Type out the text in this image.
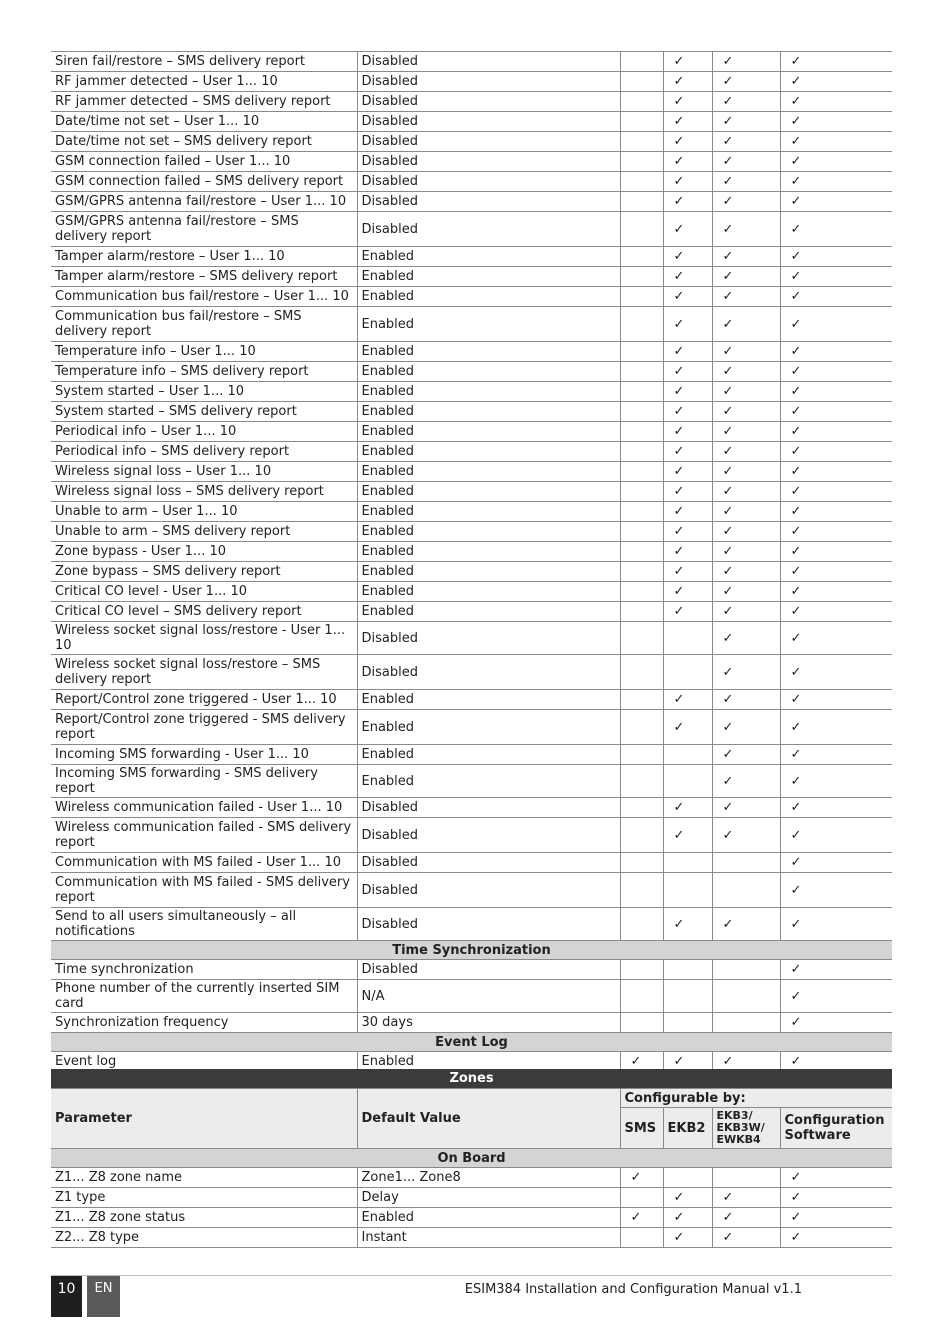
Siren fail/restore – SMS delivery report	Disabled		✓	✓	✓
RF jammer detected – User 1... 10	Disabled		✓	✓	✓
RF jammer detected – SMS delivery report	Disabled		✓	✓	✓
Date/time not set – User 1... 10	Disabled		✓	✓	✓
Date/time not set – SMS delivery report	Disabled		✓	✓	✓
GSM connection failed – User 1... 10	Disabled		✓	✓	✓
GSM connection failed – SMS delivery report	Disabled		✓	✓	✓
GSM/GPRS antenna fail/restore – User 1... 10	Disabled		✓	✓	✓
GSM/GPRS antenna fail/restore – SMS delivery report	Disabled		✓	✓	✓
Tamper alarm/restore – User 1... 10	Enabled		✓	✓	✓
Tamper alarm/restore – SMS delivery report	Enabled		✓	✓	✓
Communication bus fail/restore – User 1... 10	Enabled		✓	✓	✓
Communication bus fail/restore – SMS delivery report	Enabled		✓	✓	✓
Temperature info – User 1... 10	Enabled		✓	✓	✓
Temperature info – SMS delivery report	Enabled		✓	✓	✓
System started – User 1... 10	Enabled		✓	✓	✓
System started – SMS delivery report	Enabled		✓	✓	✓
Periodical info – User 1... 10	Enabled		✓	✓	✓
Periodical info – SMS delivery report	Enabled		✓	✓	✓
Wireless signal loss – User 1... 10	Enabled		✓	✓	✓
Wireless signal loss – SMS delivery report	Enabled		✓	✓	✓
Unable to arm – User 1... 10	Enabled		✓	✓	✓
Unable to arm – SMS delivery report	Enabled		✓	✓	✓
Zone bypass - User 1... 10	Enabled		✓	✓	✓
Zone bypass – SMS delivery report	Enabled		✓	✓	✓
Critical CO level - User 1... 10	Enabled		✓	✓	✓
Critical CO level – SMS delivery report	Enabled		✓	✓	✓
Wireless socket signal loss/restore - User 1... 10	Disabled			✓	✓
Wireless socket signal loss/restore – SMS delivery report	Disabled			✓	✓
Report/Control zone triggered - User 1... 10	Enabled		✓	✓	✓
Report/Control zone triggered - SMS delivery report	Enabled		✓	✓	✓
Incoming SMS forwarding - User 1... 10	Enabled			✓	✓
Incoming SMS forwarding - SMS delivery report	Enabled			✓	✓
Wireless communication failed - User 1... 10	Disabled		✓	✓	✓
Wireless communication failed - SMS delivery report	Disabled		✓	✓	✓
Communication with MS failed - User 1... 10	Disabled				✓
Communication with MS failed - SMS delivery report	Disabled				✓
Send to all users simultaneously – all notifications	Disabled		✓	✓	✓
Time Synchronization					
Time synchronization	Disabled				✓
Phone number of the currently inserted SIM card	N/A				✓
Synchronization frequency	30 days				✓
Event Log					
Event log	Enabled	✓	✓	✓	✓
Zones					
Parameter	Default Value	Configurable by:			
		SMS	EKB2	EKB3/ EKB3W/ EWKB4	Configuration Software
On Board					
Z1... Z8 zone name	Zone1... Zone8	✓			✓
Z1 type	Delay		✓	✓	✓
Z1... Z8 zone status	Enabled	✓	✓	✓	✓
Z2... Z8 type	Instant		✓	✓	✓
10	EN	ESIM384 Installation and Configuration Manual v1.1
